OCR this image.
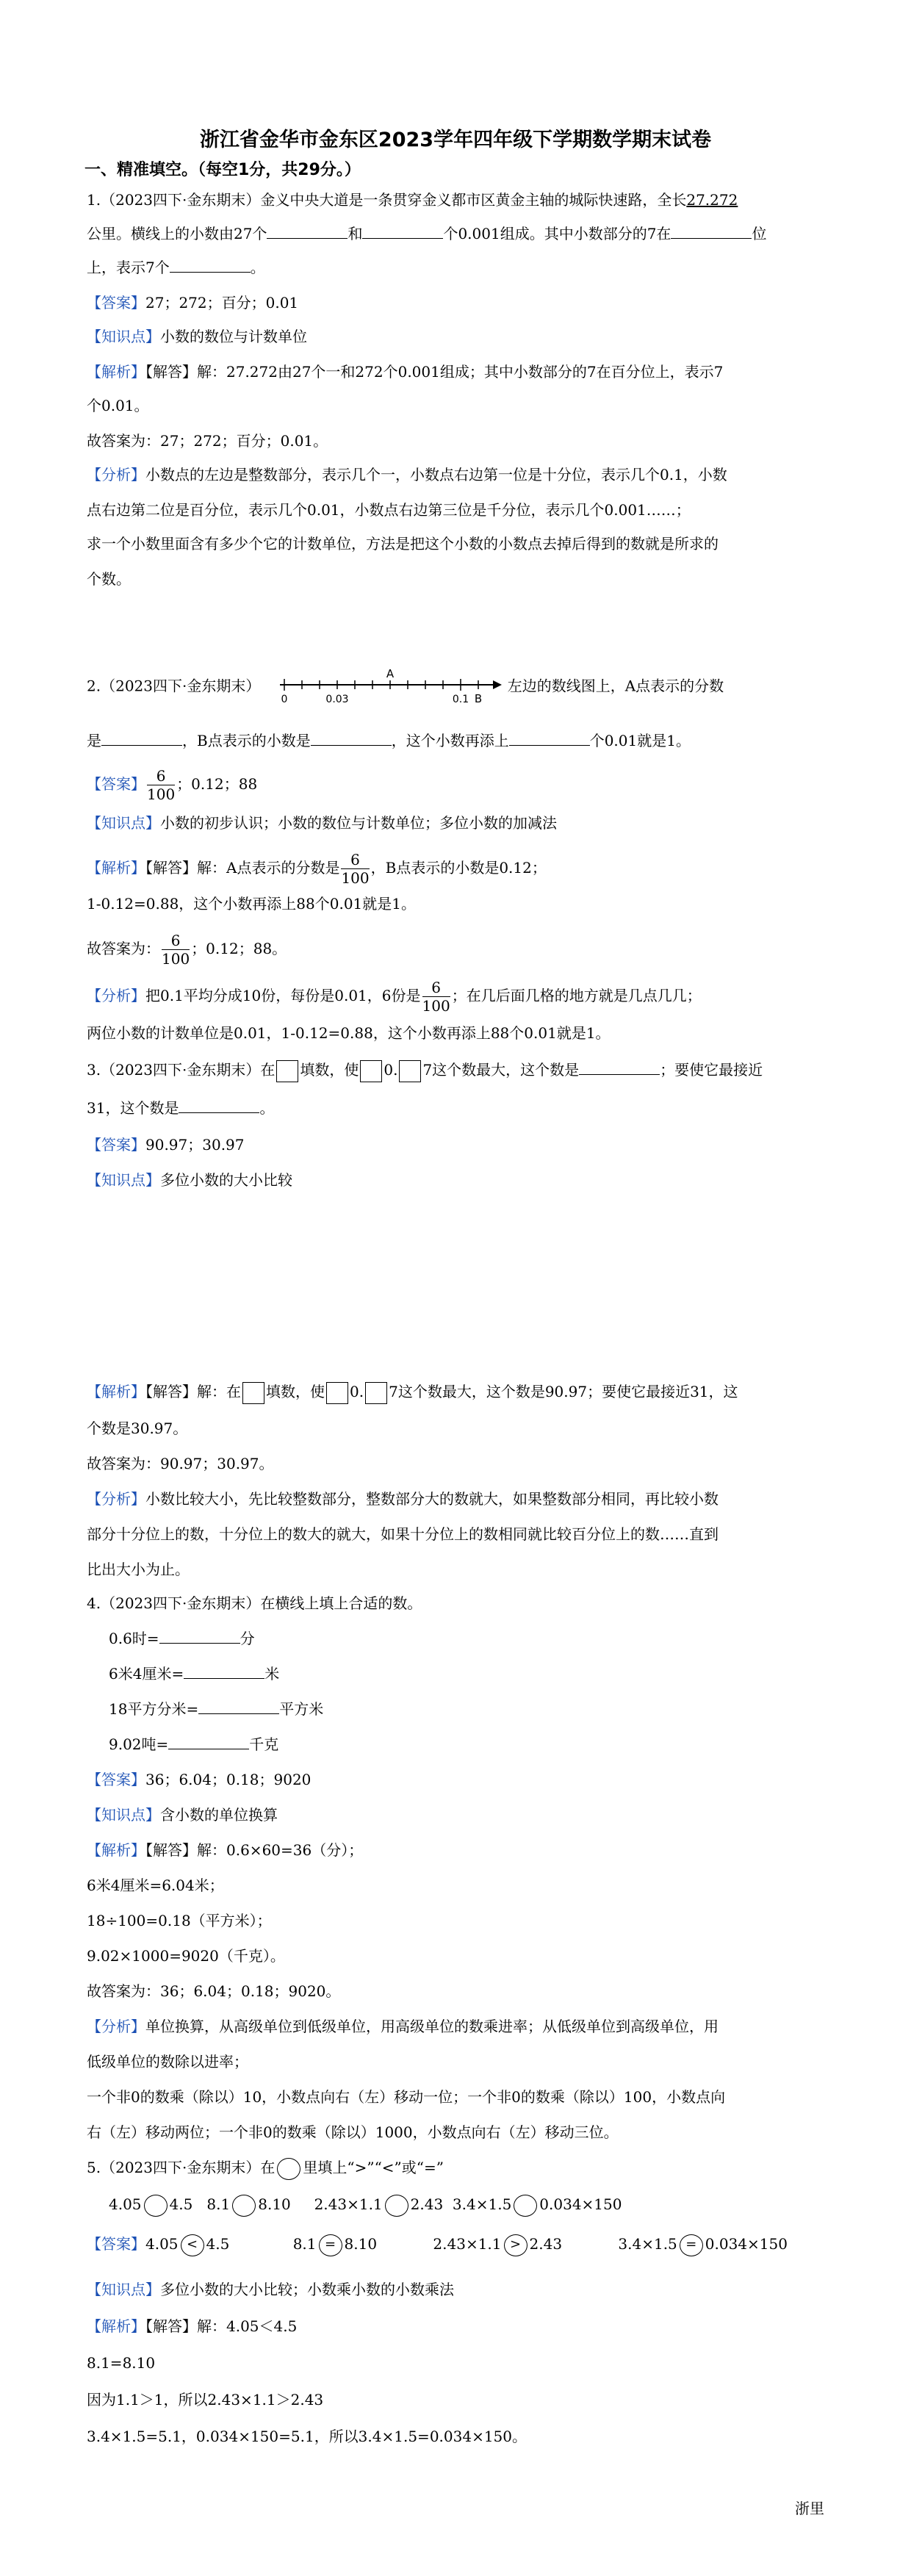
浙江省金华市金东区2023学年四年级下学期数学期末试卷
一、精准填空。（每空1分，共29分。）
1.（2023四下·金东期末）金义中央大道是一条贯穿金义都市区黄金主轴的城际快速路，全长27.272
公里。横线上的小数由27个	和	个0.001组成。其中小数部分的7在	位
上，表示7个	。
【答案】27；272；百分；0.01
【知识点】小数的数位与计数单位
【解析】【解答】解：27.272由27个一和272个0.001组成；其中小数部分的7在百分位上，表示7
个0.01。
故答案为：27；272；百分；0.01。
【分析】小数点的左边是整数部分，表示几个一，小数点右边第一位是十分位，表示几个0.1，小数
点右边第二位是百分位，表示几个0.01，小数点右边第三位是千分位，表示几个0.001……；
求一个小数里面含有多少个它的计数单位，方法是把这个小数的小数点去掉后得到的数就是所求的
个数。
2.（2023四下·金东期末）
0	0.03	0.1
A
B
左边的数线图上，A点表示的分数
是	，B点表示的小数是	，这个小数再添上	个0.01就是1。
【答案】 $\frac{6}{100}$ ；0.12；88
【知识点】小数的初步认识；小数的数位与计数单位；多位小数的加减法
【解析】【解答】解：A点表示的分数是 $\frac{6}{100}$ ，B点表示的小数是0.12；
1-0.12=0.88，这个小数再添上88个0.01就是1。
故答案为： $\frac{6}{100}$ ；0.12；88。
【分析】把0.1平均分成10份，每份是0.01，6份是 $\frac{6}{100}$ ；在几后面几格的地方就是几点几几；
两位小数的计数单位是0.01，1-0.12=0.88，这个小数再添上88个0.01就是1。
3.（2023四下·金东期末）在 填数，使 0. 7这个数最大，这个数是	；要使它最接近
31，这个数是	。
【答案】90.97；30.97
【知识点】多位小数的大小比较
【解析】【解答】解：在 填数，使 0. 7这个数最大，这个数是90.97；要使它最接近31，这
个数是30.97。
故答案为：90.97；30.97。
【分析】小数比较大小，先比较整数部分，整数部分大的数就大，如果整数部分相同，再比较小数
部分十分位上的数，十分位上的数大的就大，如果十分位上的数相同就比较百分位上的数……直到
比出大小为止。
4.（2023四下·金东期末）在横线上填上合适的数。
0.6时=	分
6米4厘米=	米
18平方分米=	平方米
9.02吨=	千克
【答案】36；6.04；0.18；9020
【知识点】含小数的单位换算
【解析】【解答】解：0.6×60=36（分）；
6米4厘米=6.04米；
18÷100=0.18（平方米）；
9.02×1000=9020（千克）。
故答案为：36；6.04；0.18；9020。
【分析】单位换算，从高级单位到低级单位，用高级单位的数乘进率；从低级单位到高级单位，用
低级单位的数除以进率；
一个非0的数乘（除以）10，小数点向右（左）移动一位；一个非0的数乘（除以）100，小数点向
右（左）移动两位；一个非0的数乘（除以）1000，小数点向右（左）移动三位。
5.（2023四下·金东期末）在 里填上“>”“<”或“=”
4.05 4.5 8.1 8.10 2.43×1.1 2.43 3.4×1.5 0.034×150
【答案】4.05 < 4.5	8.1 = 8.10	2.43×1.1 > 2.43	3.4×1.5 = 0.034×150
【知识点】多位小数的大小比较；小数乘小数的小数乘法
【解析】【解答】解：4.05＜4.5
8.1=8.10
因为1.1＞1，所以2.43×1.1＞2.43
3.4×1.5=5.1，0.034×150=5.1，所以3.4×1.5=0.034×150。
浙里
